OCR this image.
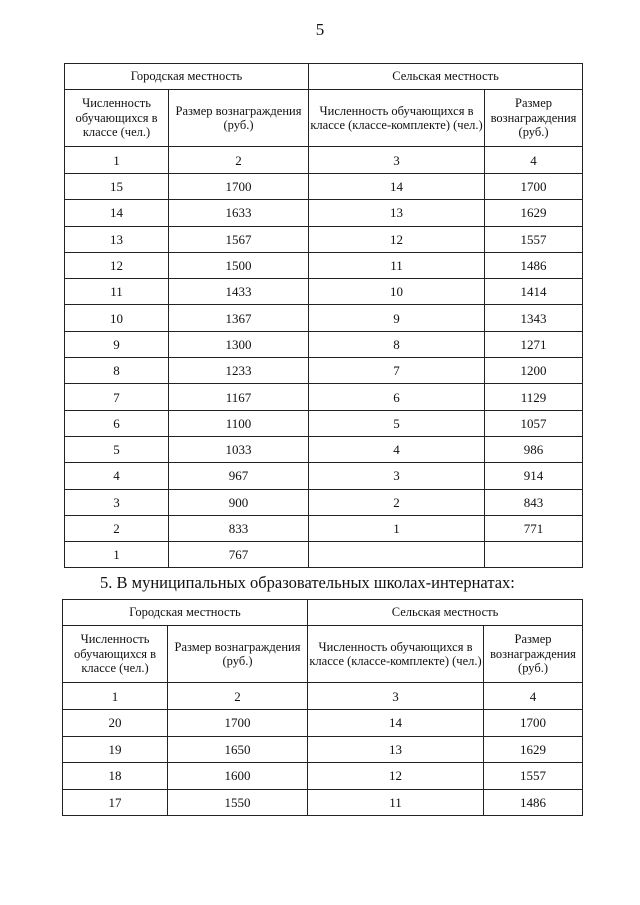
5
Городская местность		Сельская местность	
Численность обучающихся в классе (чел.)	Размер вознаграждения (руб.)	Численность обучающихся в классе (классе-комплекте) (чел.)	Размер вознаграждения (руб.)
1	2	3	4
15	1700	14	1700
14	1633	13	1629
13	1567	12	1557
12	1500	11	1486
11	1433	10	1414
10	1367	9	1343
9	1300	8	1271
8	1233	7	1200
7	1167	6	1129
6	1100	5	1057
5	1033	4	986
4	967	3	914
3	900	2	843
2	833	1	771
1	767		
5. В муниципальных образовательных школах-интернатах:
Городская местность		Сельская местность	
Численность обучающихся в классе (чел.)	Размер вознаграждения (руб.)	Численность обучающихся в классе (классе-комплекте) (чел.)	Размер вознаграждения (руб.)
1	2	3	4
20	1700	14	1700
19	1650	13	1629
18	1600	12	1557
17	1550	11	1486
